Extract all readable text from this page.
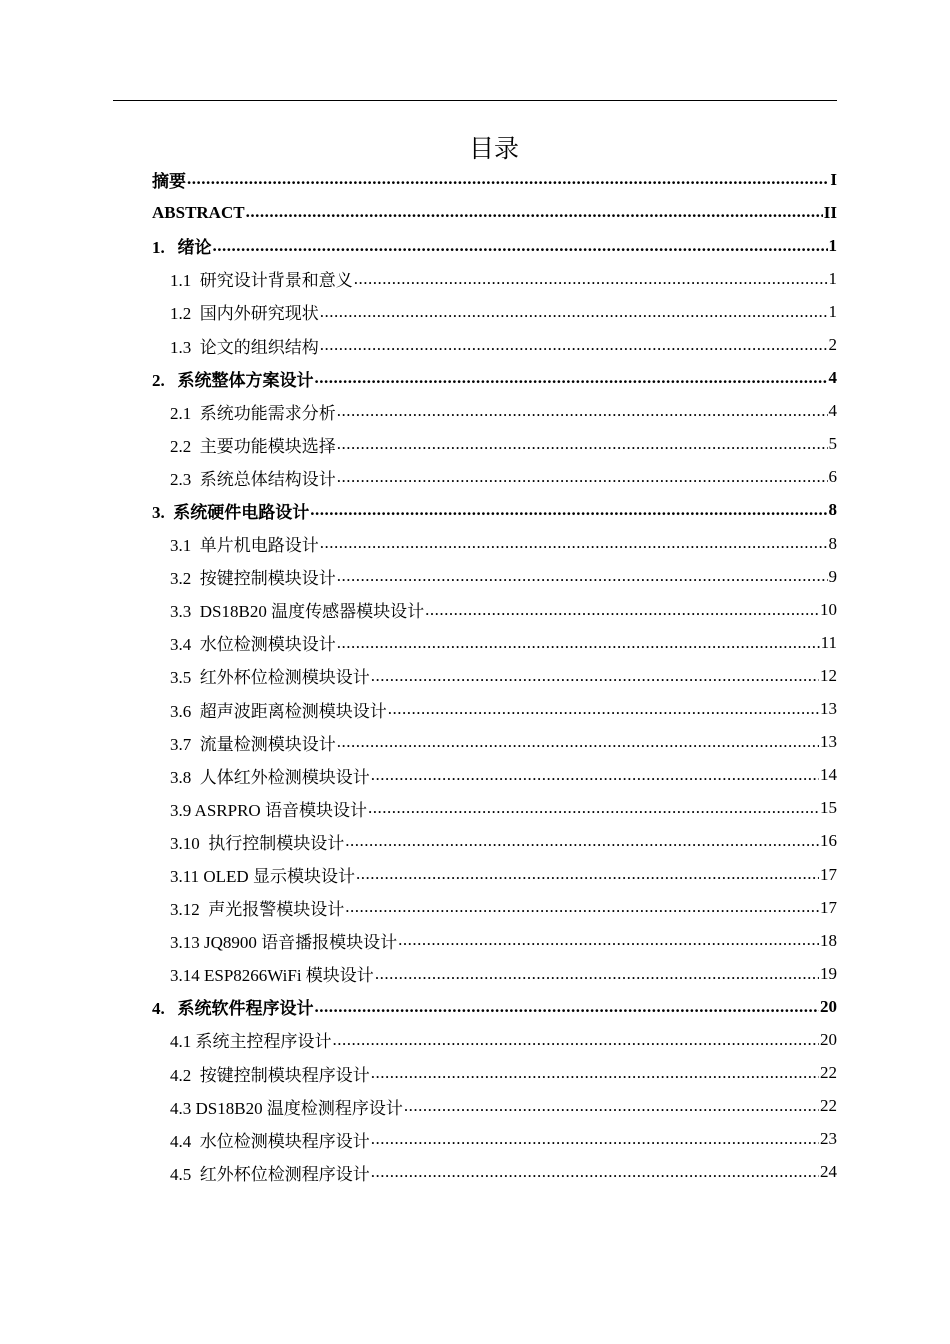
目录
摘要 .....	I
ABSTRACT .....	II
1.   绪论 .....	1
1.1  研究设计背景和意义 .....	1
1.2  国内外研究现状 .....	1
1.3  论文的组织结构 .....	2
2.   系统整体方案设计 .....	4
2.1  系统功能需求分析 .....	4
2.2  主要功能模块选择 .....	5
2.3  系统总体结构设计 .....	6
3.  系统硬件电路设计 .....	8
3.1  单片机电路设计 .....	8
3.2  按键控制模块设计 .....	9
3.3  DS18B20 温度传感器模块设计 .....	10
3.4  水位检测模块设计 .....	11
3.5  红外杯位检测模块设计 .....	12
3.6  超声波距离检测模块设计 .....	13
3.7  流量检测模块设计 .....	13
3.8  人体红外检测模块设计 .....	14
3.9 ASRPRO 语音模块设计 .....	15
3.10  执行控制模块设计 .....	16
3.11 OLED 显示模块设计 .....	17
3.12  声光报警模块设计 .....	17
3.13 JQ8900 语音播报模块设计 .....	18
3.14 ESP8266WiFi 模块设计 .....	19
4.   系统软件程序设计 .....	20
4.1 系统主控程序设计 .....	20
4.2  按键控制模块程序设计 .....	22
4.3 DS18B20 温度检测程序设计 .....	22
4.4  水位检测模块程序设计 .....	23
4.5  红外杯位检测程序设计 .....	24
